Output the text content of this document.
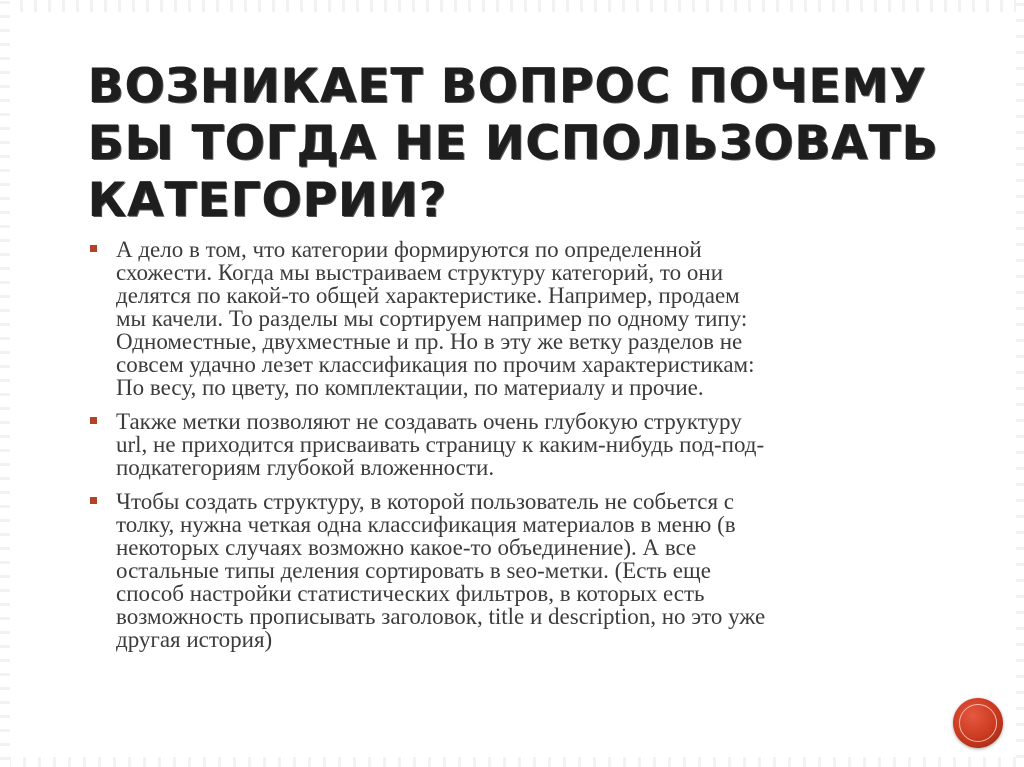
ВОЗНИКАЕТ ВОПРОС ПОЧЕМУ
БЫ ТОГДА НЕ ИСПОЛЬЗОВАТЬ
КАТЕГОРИИ?
А дело в том, что категории формируются по определенной
схожести. Когда мы выстраиваем структуру категорий, то они
делятся по какой-то общей характеристике. Например, продаем
мы качели. То разделы мы сортируем например по одному типу:
Одноместные, двухместные и пр. Но в эту же ветку разделов не
совсем удачно лезет классификация по прочим характеристикам:
По весу, по цвету, по комплектации, по материалу и прочие.
Также метки позволяют не создавать очень глубокую структуру
url, не приходится присваивать страницу к каким-нибудь под-под-
подкатегориям глубокой вложенности.
Чтобы создать структуру, в которой пользователь не собьется с
толку, нужна четкая одна классификация материалов в меню (в
некоторых случаях возможно какое-то объединение). А все
остальные типы деления сортировать в seo-метки. (Есть еще
способ настройки статистических фильтров, в которых есть
возможность прописывать заголовок, title и description, но это уже
другая история)
